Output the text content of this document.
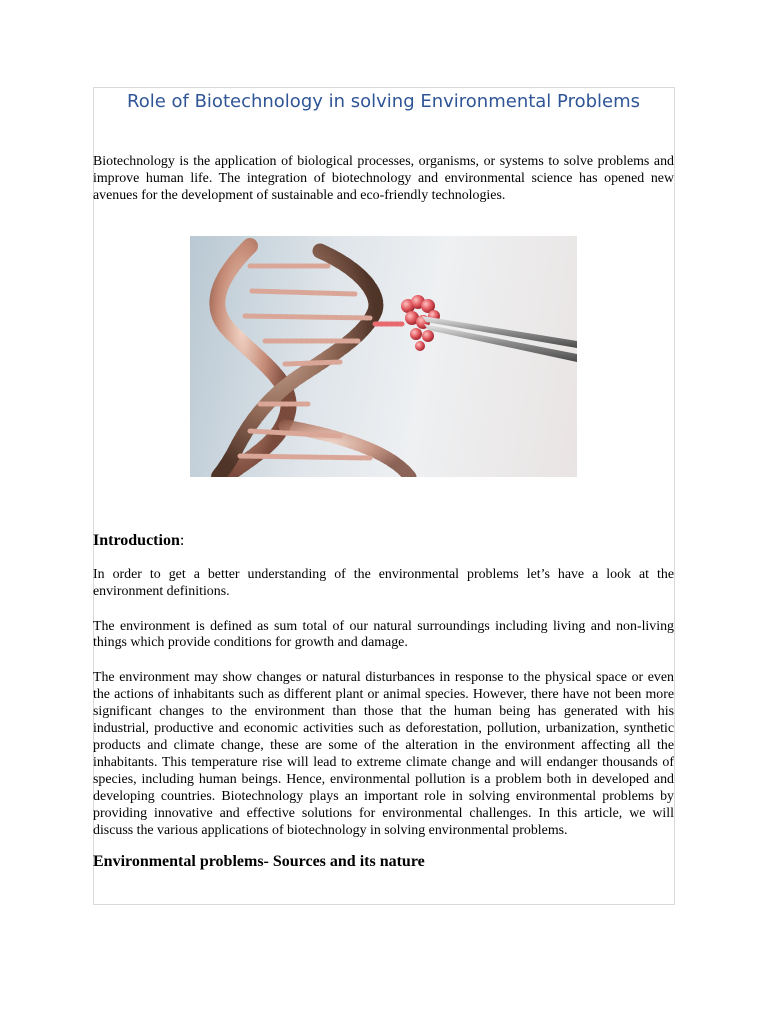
Role of Biotechnology in solving Environmental Problems

Biotechnology is the application of biological processes, organisms, or systems to solve problems and improve human life. The integration of biotechnology and environmental science has opened new avenues for the development of sustainable and eco-friendly technologies.

Introduction:

In order to get a better understanding of the environmental problems let’s have a look at the environment definitions.

The environment is defined as sum total of our natural surroundings including living and non-living things which provide conditions for growth and damage.

The environment may show changes or natural disturbances in response to the physical space or even the actions of inhabitants such as different plant or animal species. However, there have not been more significant changes to the environment than those that the human being has generated with his industrial, productive and economic activities such as deforestation, pollution, urbanization, synthetic products and climate change, these are some of the alteration in the environment affecting all the inhabitants. This temperature rise will lead to extreme climate change and will endanger thousands of species, including human beings. Hence, environmental pollution is a problem both in developed and developing countries. Biotechnology plays an important role in solving environmental problems by providing innovative and effective solutions for environmental challenges. In this article, we will discuss the various applications of biotechnology in solving environmental problems.

Environmental problems- Sources and its nature
